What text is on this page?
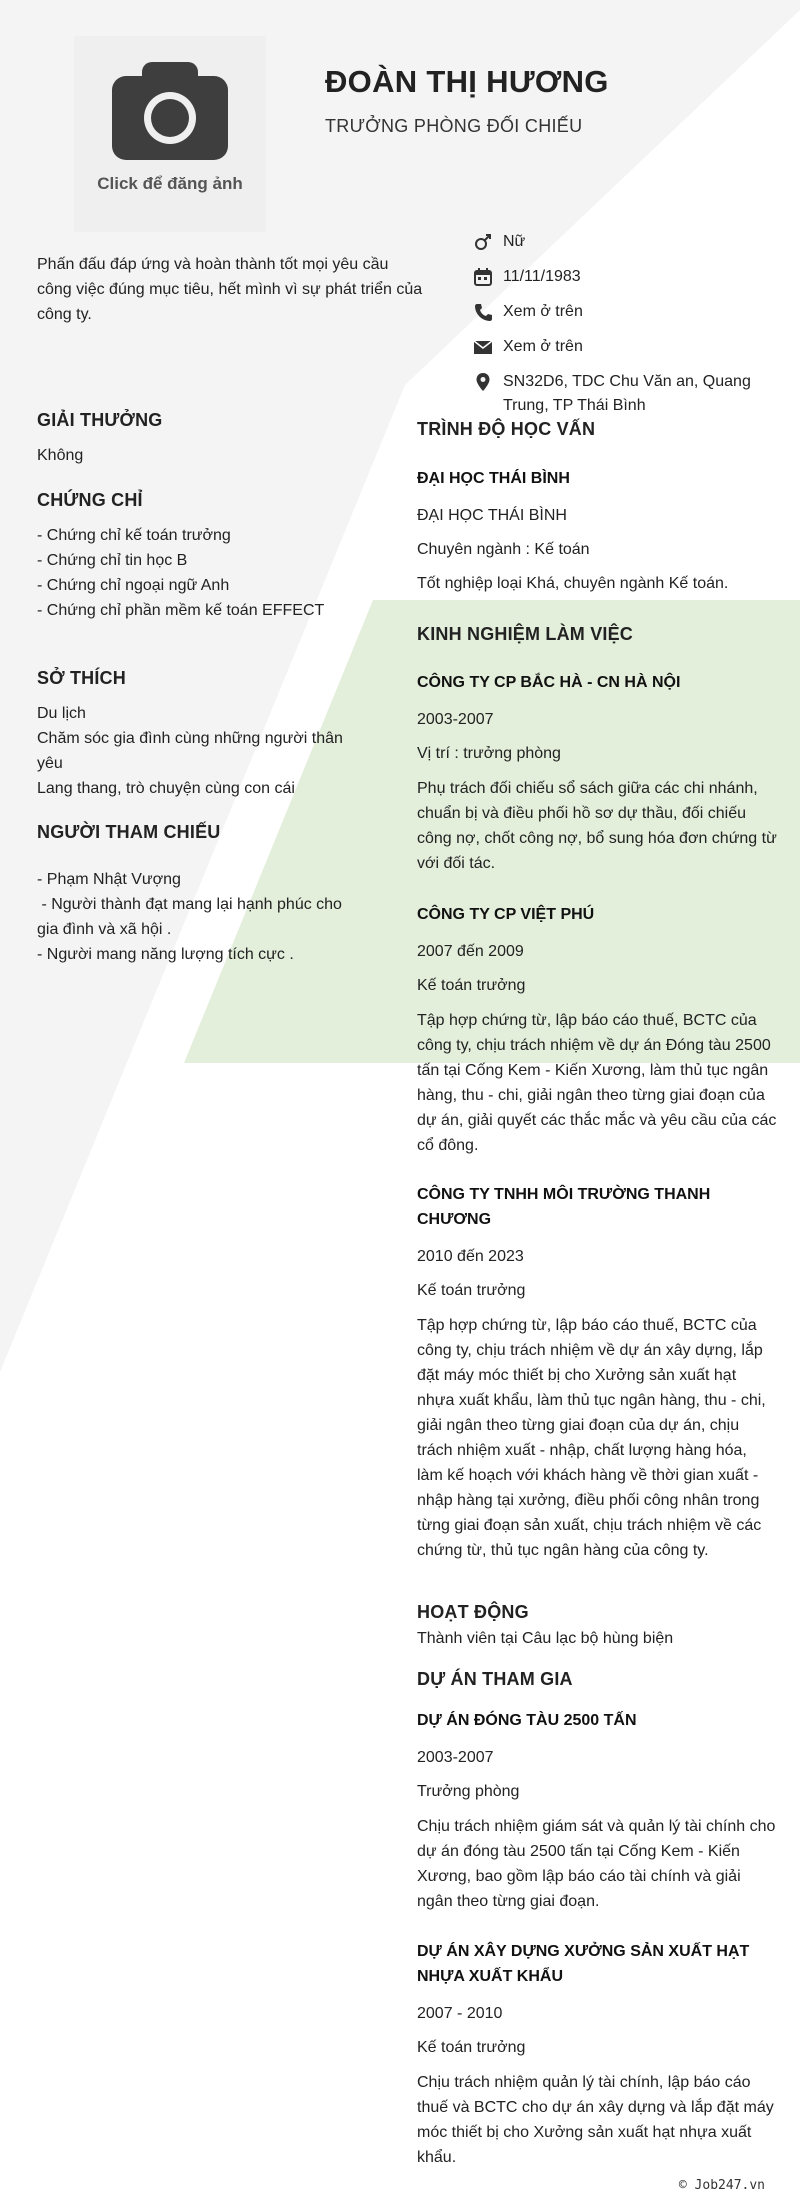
Click để đăng ảnh
ĐOÀN THỊ HƯƠNG
TRƯỞNG PHÒNG ĐỐI CHIẾU
Phấn đấu đáp ứng và hoàn thành tốt mọi yêu cầu công việc đúng mục tiêu, hết mình vì sự phát triển của công ty.
Nữ
11/11/1983
Xem ở trên
Xem ở trên
SN32D6, TDC Chu Văn an, Quang Trung, TP Thái Bình
GIẢI THƯỞNG
Không
CHỨNG CHỈ
- Chứng chỉ kế toán trưởng
- Chứng chỉ tin học B
- Chứng chỉ ngoại ngữ Anh
- Chứng chỉ phần mềm kế toán EFFECT
SỞ THÍCH
Du lịch
Chăm sóc gia đình cùng những người thân yêu
Lang thang, trò chuyện cùng con cái
NGƯỜI THAM CHIẾU
- Phạm Nhật Vượng
- Người thành đạt mang lại hạnh phúc cho gia đình và xã hội .
- Người mang năng lượng tích cực .
TRÌNH ĐỘ HỌC VẤN
ĐẠI HỌC THÁI BÌNH
ĐẠI HỌC THÁI BÌNH
Chuyên ngành : Kế toán
Tốt nghiệp loại Khá, chuyên ngành Kế toán.
KINH NGHIỆM LÀM VIỆC
CÔNG TY CP BẮC HÀ - CN HÀ NỘI
2003-2007
Vị trí : trưởng phòng
Phụ trách đối chiếu sổ sách giữa các chi nhánh, chuẩn bị và điều phối hồ sơ dự thầu, đối chiếu công nợ, chốt công nợ, bổ sung hóa đơn chứng từ với đối tác.
CÔNG TY CP VIỆT PHÚ
2007 đến 2009
Kế toán trưởng
Tập hợp chứng từ, lập báo cáo thuế, BCTC của công ty, chịu trách nhiệm về dự án Đóng tàu 2500 tấn tại Cống Kem - Kiến Xương, làm thủ tục ngân hàng, thu - chi, giải ngân theo từng giai đoạn của dự án, giải quyết các thắc mắc và yêu cầu của các cổ đông.
CÔNG TY TNHH MÔI TRƯỜNG THANH CHƯƠNG
2010 đến 2023
Kế toán trưởng
Tập hợp chứng từ, lập báo cáo thuế, BCTC của công ty, chịu trách nhiệm về dự án xây dựng, lắp đặt máy móc thiết bị cho Xưởng sản xuất hạt nhựa xuất khẩu, làm thủ tục ngân hàng, thu - chi, giải ngân theo từng giai đoạn của dự án, chịu trách nhiệm xuất - nhập, chất lượng hàng hóa, làm kế hoạch với khách hàng về thời gian xuất - nhập hàng tại xưởng, điều phối công nhân trong từng giai đoạn sản xuất, chịu trách nhiệm về các chứng từ, thủ tục ngân hàng của công ty.
HOẠT ĐỘNG
Thành viên tại Câu lạc bộ hùng biện
DỰ ÁN THAM GIA
DỰ ÁN ĐÓNG TÀU 2500 TẤN
2003-2007
Trưởng phòng
Chịu trách nhiệm giám sát và quản lý tài chính cho dự án đóng tàu 2500 tấn tại Cống Kem - Kiến Xương, bao gồm lập báo cáo tài chính và giải ngân theo từng giai đoạn.
DỰ ÁN XÂY DỰNG XƯỞNG SẢN XUẤT HẠT NHỰA XUẤT KHẨU
2007 - 2010
Kế toán trưởng
Chịu trách nhiệm quản lý tài chính, lập báo cáo thuế và BCTC cho dự án xây dựng và lắp đặt máy móc thiết bị cho Xưởng sản xuất hạt nhựa xuất khẩu.
© Job247.vn
